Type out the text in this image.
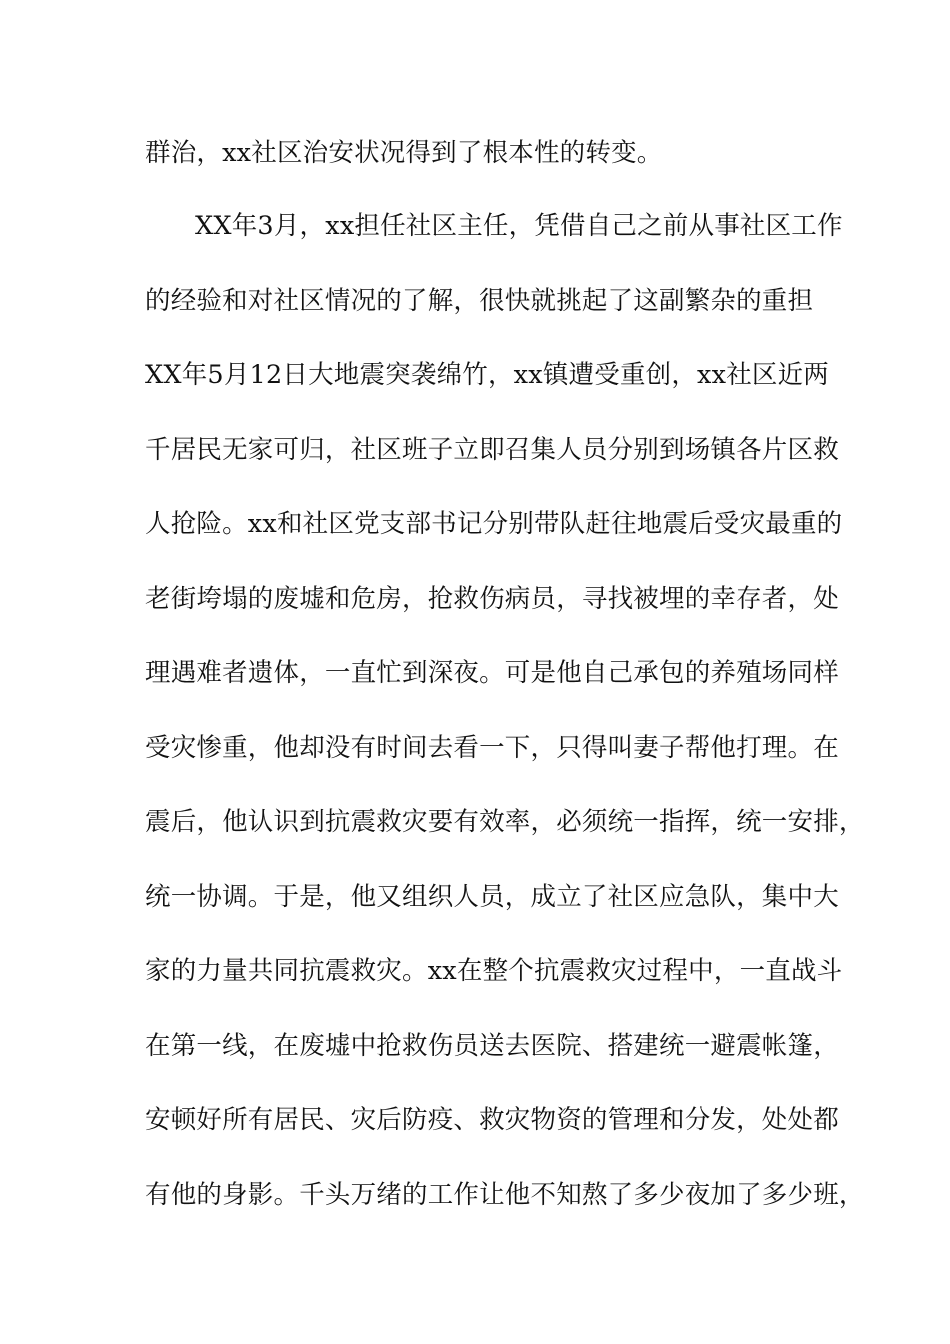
群治，xx社区治安状况得到了根本性的转变。
XX年3月，xx担任社区主任，凭借自己之前从事社区工作
的经验和对社区情况的了解，很快就挑起了这副繁杂的重担
XX年5月12日大地震突袭绵竹，xx镇遭受重创，xx社区近两
千居民无家可归，社区班子立即召集人员分别到场镇各片区救
人抢险。xx和社区党支部书记分别带队赶往地震后受灾最重的
老街垮塌的废墟和危房，抢救伤病员，寻找被埋的幸存者，处
理遇难者遗体，一直忙到深夜。可是他自己承包的养殖场同样
受灾惨重，他却没有时间去看一下，只得叫妻子帮他打理。在
震后，他认识到抗震救灾要有效率，必须统一指挥，统一安排，
统一协调。于是，他又组织人员，成立了社区应急队，集中大
家的力量共同抗震救灾。xx在整个抗震救灾过程中，一直战斗
在第一线，在废墟中抢救伤员送去医院、搭建统一避震帐篷，
安顿好所有居民、灾后防疫、救灾物资的管理和分发，处处都
有他的身影。千头万绪的工作让他不知熬了多少夜加了多少班，
